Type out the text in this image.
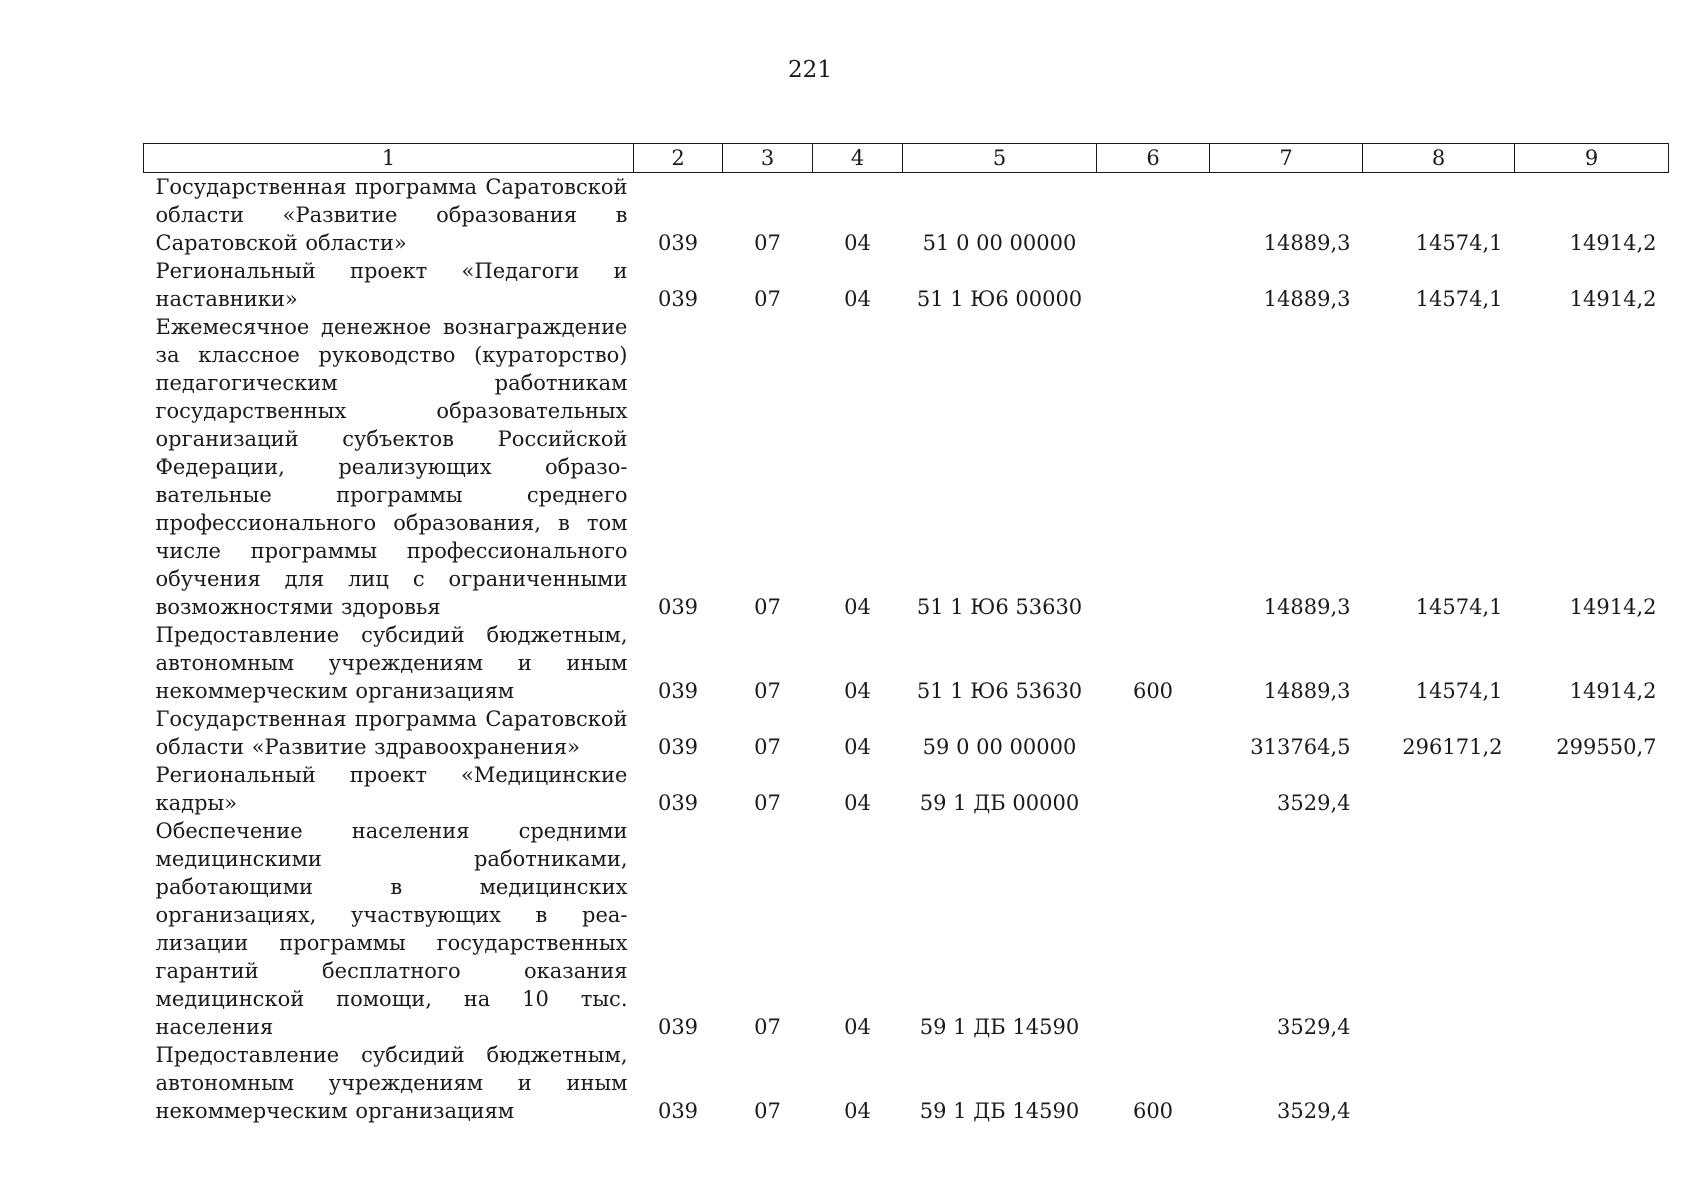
221
1	2	3	4	5	6	7	8	9
Государственная программа Саратовской области «Развитие образования в Саратовской области»	039	07	04	51 0 00 00000		14889,3	14574,1	14914,2
Региональный проект «Педагоги и наставники»	039	07	04	51 1 Ю6 00000		14889,3	14574,1	14914,2
Ежемесячное денежное вознаграждение за классное руководство (кураторство) педагогическим работникам государственных образовательных организаций субъектов Российской Федерации, реализующих образовательные программы среднего профессионального образования, в том числе программы профессионального обучения для лиц с ограниченными возможностями здоровья	039	07	04	51 1 Ю6 53630		14889,3	14574,1	14914,2
Предоставление субсидий бюджетным, автономным учреждениям и иным некоммерческим организациям	039	07	04	51 1 Ю6 53630	600	14889,3	14574,1	14914,2
Государственная программа Саратовской области «Развитие здравоохранения»	039	07	04	59 0 00 00000		313764,5	296171,2	299550,7
Региональный проект «Медицинские кадры»	039	07	04	59 1 ДБ 00000		3529,4		
Обеспечение населения средними медицинскими работниками, работающими в медицинских организациях, участвующих в реализации программы государственных гарантий бесплатного оказания медицинской помощи, на 10 тыс. населения	039	07	04	59 1 ДБ 14590		3529,4		
Предоставление субсидий бюджетным, автономным учреждениям и иным некоммерческим организациям	039	07	04	59 1 ДБ 14590	600	3529,4		
